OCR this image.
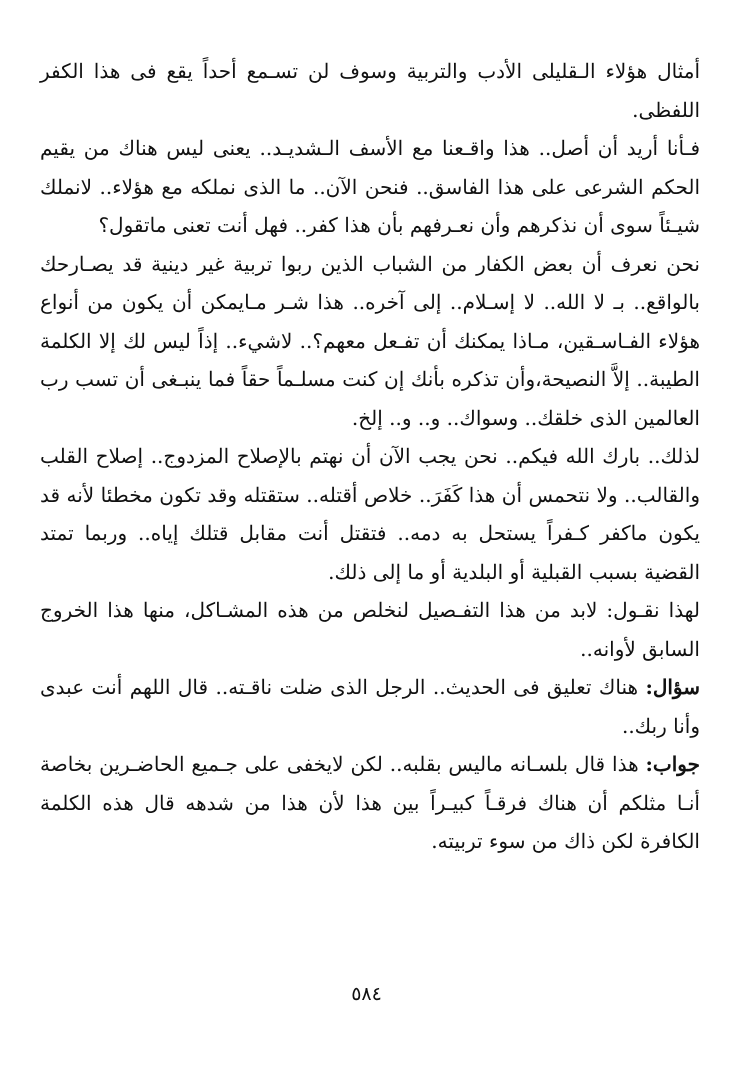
أمثال هؤلاء الـقليلى الأدب والتربية وسوف لن تسـمع أحداً يقع فى هذا الكفر اللفظى.

فـأنا أريد أن أصل.. هذا واقـعنا مع الأسف الـشديـد.. يعنى ليس هناك من يقيم الحكم الشرعى على هذا الفاسق.. فنحن الآن.. ما الذى نملكه مع هؤلاء.. لانملك شيـئاً سوى أن نذكرهم وأن نعـرفهم بأن هذا كفر.. فهل أنت تعنى ماتقول؟

نحن نعرف أن بعض الكفار من الشباب الذين ربوا تربية غير دينية قد يصـارحك بالواقع.. بـ لا الله.. لا إسـلام.. إلى آخره.. هذا شـر مـايمكن أن يكون من أنواع هؤلاء الفـاسـقين، مـاذا يمكنك أن تفـعل معهم؟.. لاشيء.. إذاً ليس لك إلا الكلمة الطيبة.. إلاَّ النصيحة،وأن تذكره بأنك إن كنت مسلـماً حقاً فما ينبـغى أن تسب رب العالمين الذى خلقك.. وسواك.. و.. و.. إلخ.

لذلك.. بارك الله فيكم.. نحن يجب الآن أن نهتم بالإصلاح المزدوج.. إصلاح القلب والقالب.. ولا نتحمس أن هذا كَفَرَ.. خلاص أقتله.. ستقتله وقد تكون مخطئا لأنه قد يكون ماكفر كـفراً يستحل به دمه.. فتقتل أنت مقابل قتلك إياه.. وربما تمتد القضية بسبب القبلية أو البلدية أو ما إلى ذلك.

لهذا نقـول: لابد من هذا التفـصيل لنخلص من هذه المشـاكل، منها هذا الخروج السابق لأوانه..

سؤال: هناك تعليق فى الحديث.. الرجل الذى ضلت ناقـته.. قال اللهم أنت عبدى وأنا ربك..

جواب: هذا قال بلسـانه ماليس بقلبه.. لكن لايخفى على جـميع الحاضـرين بخاصة أنـا مثلكم أن هناك فرقـاً كبيـراً بين هذا لأن هذا من شدهه قال هذه الكلمة الكافرة لكن ذاك من سوء تربيته.

٥٨٤
